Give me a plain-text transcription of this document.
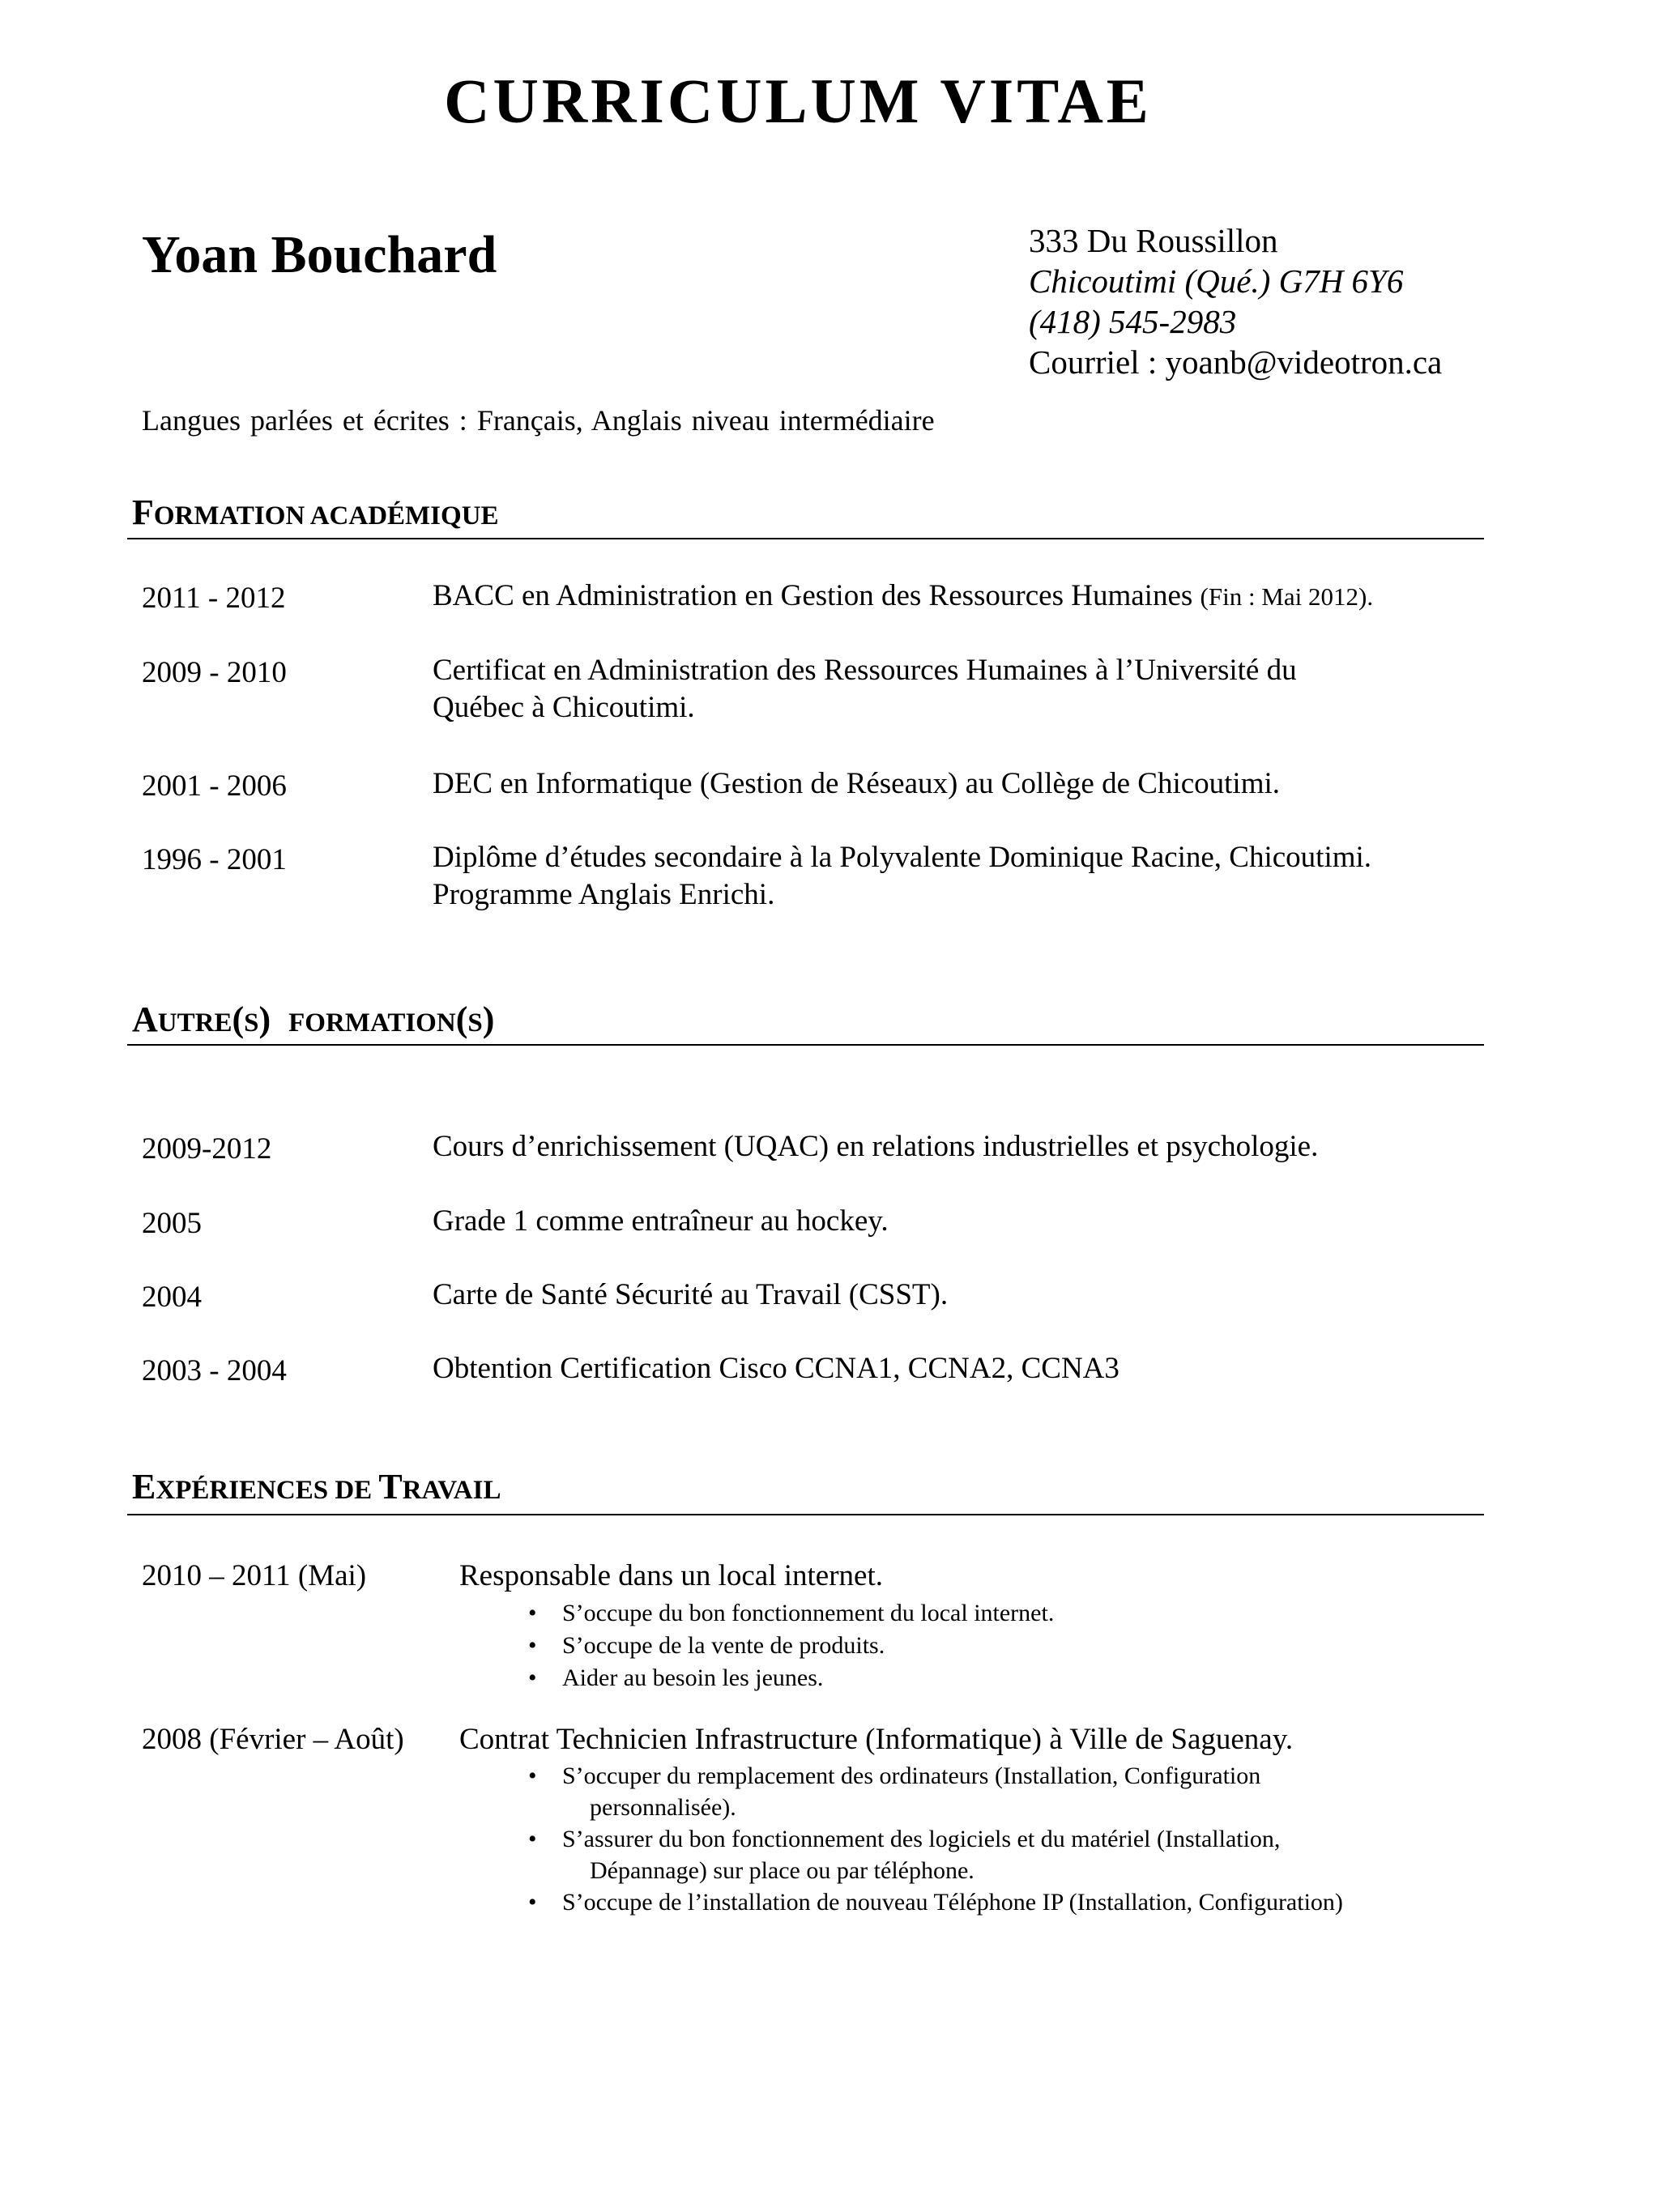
CURRICULUM VITAE
Yoan Bouchard	333 Du Roussillon
Chicoutimi (Qué.) G7H 6Y6
(418) 545-2983
Courriel : yoanb@videotron.ca
Langues parlées et écrites : Français, Anglais niveau intermédiaire
FORMATION ACADÉMIQUE
2011 - 2012	BACC en Administration en Gestion des Ressources Humaines (Fin : Mai 2012).
2009 - 2010	Certificat en Administration des Ressources Humaines à l’Université du
Québec à Chicoutimi.
2001 - 2006	DEC en Informatique (Gestion de Réseaux) au Collège de Chicoutimi.
1996 - 2001	Diplôme d’études secondaire à la Polyvalente Dominique Racine, Chicoutimi.
Programme Anglais Enrichi.
AUTRE(S) FORMATION(S)
2009-2012	Cours d’enrichissement (UQAC) en relations industrielles et psychologie.
2005	Grade 1 comme entraîneur au hockey.
2004	Carte de Santé Sécurité au Travail (CSST).
2003 - 2004	Obtention Certification Cisco CCNA1, CCNA2, CCNA3
EXPÉRIENCES DE TRAVAIL
2010 – 2011 (Mai)	Responsable dans un local internet.
• S’occupe du bon fonctionnement du local internet.
• S’occupe de la vente de produits.
• Aider au besoin les jeunes.
2008 (Février – Août) Contrat Technicien Infrastructure (Informatique) à Ville de Saguenay.
• S’occuper du remplacement des ordinateurs (Installation, Configuration
personnalisée).
• S’assurer du bon fonctionnement des logiciels et du matériel (Installation,
Dépannage) sur place ou par téléphone.
• S’occupe de l’installation de nouveau Téléphone IP (Installation, Configuration)
